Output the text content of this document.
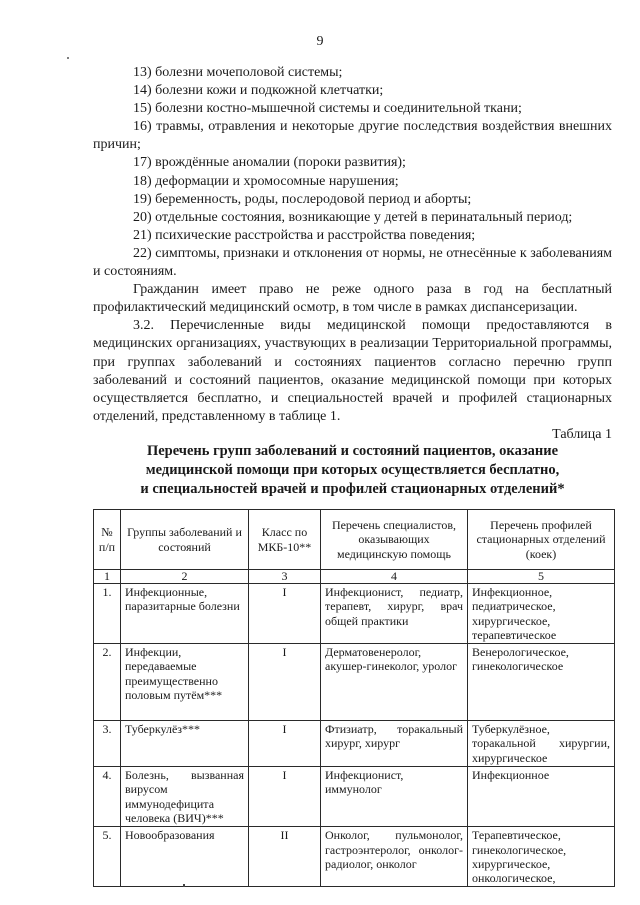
9

13) болезни мочеполовой системы;

14) болезни кожи и подкожной клетчатки;

15) болезни костно-мышечной системы и соединительной ткани;

16) травмы, отравления и некоторые другие последствия воздействия внешних причин;

17) врождённые аномалии (пороки развития);

18) деформации и хромосомные нарушения;

19) беременность, роды, послеродовой период и аборты;

20) отдельные состояния, возникающие у детей в перинатальный период;

21) психические расстройства и расстройства поведения;

22) симптомы, признаки и отклонения от нормы, не отнесённые к заболеваниям и состояниям.

Гражданин имеет право не реже одного раза в год на бесплатный профилактический медицинский осмотр, в том числе в рамках диспансеризации.

3.2. Перечисленные виды медицинской помощи предоставляются в медицинских организациях, участвующих в реализации Территориальной программы, при группах заболеваний и состояниях пациентов согласно перечню групп заболеваний и состояний пациентов, оказание медицинской помощи при которых осуществляется бесплатно, и специальностей врачей и профилей стационарных отделений, представленному в таблице 1.

Таблица 1

Перечень групп заболеваний и состояний пациентов, оказание
медицинской помощи при которых осуществляется бесплатно,
и специальностей врачей и профилей стационарных отделений*
№ п/п	Группы заболеваний и состояний	Класс по МКБ-10**	Перечень специалистов, оказывающих медицинскую помощь	Перечень профилей стационарных отделений (коек)
1	2	3	4	5
1.	Инфекционные, паразитарные болезни	I	Инфекционист, педиатр, терапевт, хирург, врач общей практики	Инфекционное, педиатрическое, хирургическое, терапевтическое
2.	Инфекции, передаваемые преимущественно половым путём***	I	Дерматовенеролог, акушер-гинеколог, уролог	Венерологическое, гинекологическое
3.	Туберкулёз***	I	Фтизиатр, торакальный хирург, хирург	Туберкулёзное, торакальной хирургии, хирургическое
4.	Болезнь, вызванная вирусом иммунодефицита человека (ВИЧ)***	I	Инфекционист, иммунолог	Инфекционное
5.	Новообразования	II	Онколог, пульмонолог, гастроэнтеролог, онколог-радиолог, онколог	Терапевтическое, гинекологическое, хирургическое, онкологическое,
